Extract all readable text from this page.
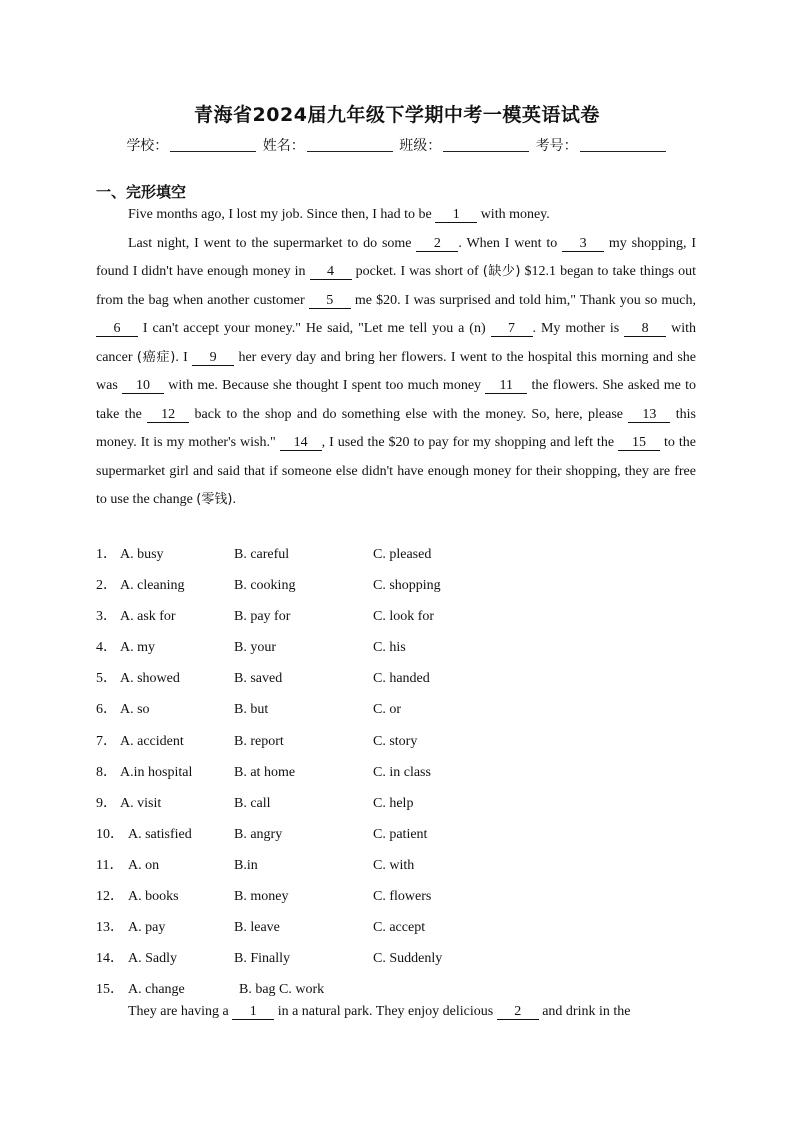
青海省2024届九年级下学期中考一模英语试卷
学校：	姓名：	班级：	考号：
一、完形填空

Five months ago, I lost my job. Since then, I had to be 1 with money.

Last night, I went to the supermarket to do some 2 . When I went to 3 my shopping, I found I didn't have enough money in 4 pocket. I was short of (缺少) $12.1 began to take things out from the bag when another customer 5 me $20. I was surprised and told him," Thank you so much, 6 I can't accept your money." He said, "Let me tell you a (n) 7 . My mother is 8 with cancer (癌症). I 9 her every day and bring her flowers. I went to the hospital this morning and she was 10 with me. Because she thought I spent too much money 11 the flowers. She asked me to take the 12 back to the shop and do something else with the money. So, here, please 13 this money. It is my mother's wish." 14 , I used the $20 to pay for my shopping and left the 15 to the supermarket girl and said that if someone else didn't have enough money for their shopping, they are free to use the change (零钱).

1． A. busy	B. careful	C. pleased
2． A. cleaning	B. cooking	C. shopping
3． A. ask for	B. pay for	C. look for
4． A. my	B. your	C. his
5． A. showed	B. saved	C. handed
6． A. so	B. but	C. or
7． A. accident	B. report	C. story
8． A.in hospital	B. at home	C. in class
9． A. visit	B. call	C. help
10． A. satisfied	B. angry	C. patient
11． A. on	B.in	C. with
12． A. books	B. money	C. flowers
13． A. pay	B. leave	C. accept
14． A. Sadly	B. Finally	C. Suddenly
15． A. change	B. bag C. work

They are having a 1 in a natural park. They enjoy delicious 2 and drink in the
